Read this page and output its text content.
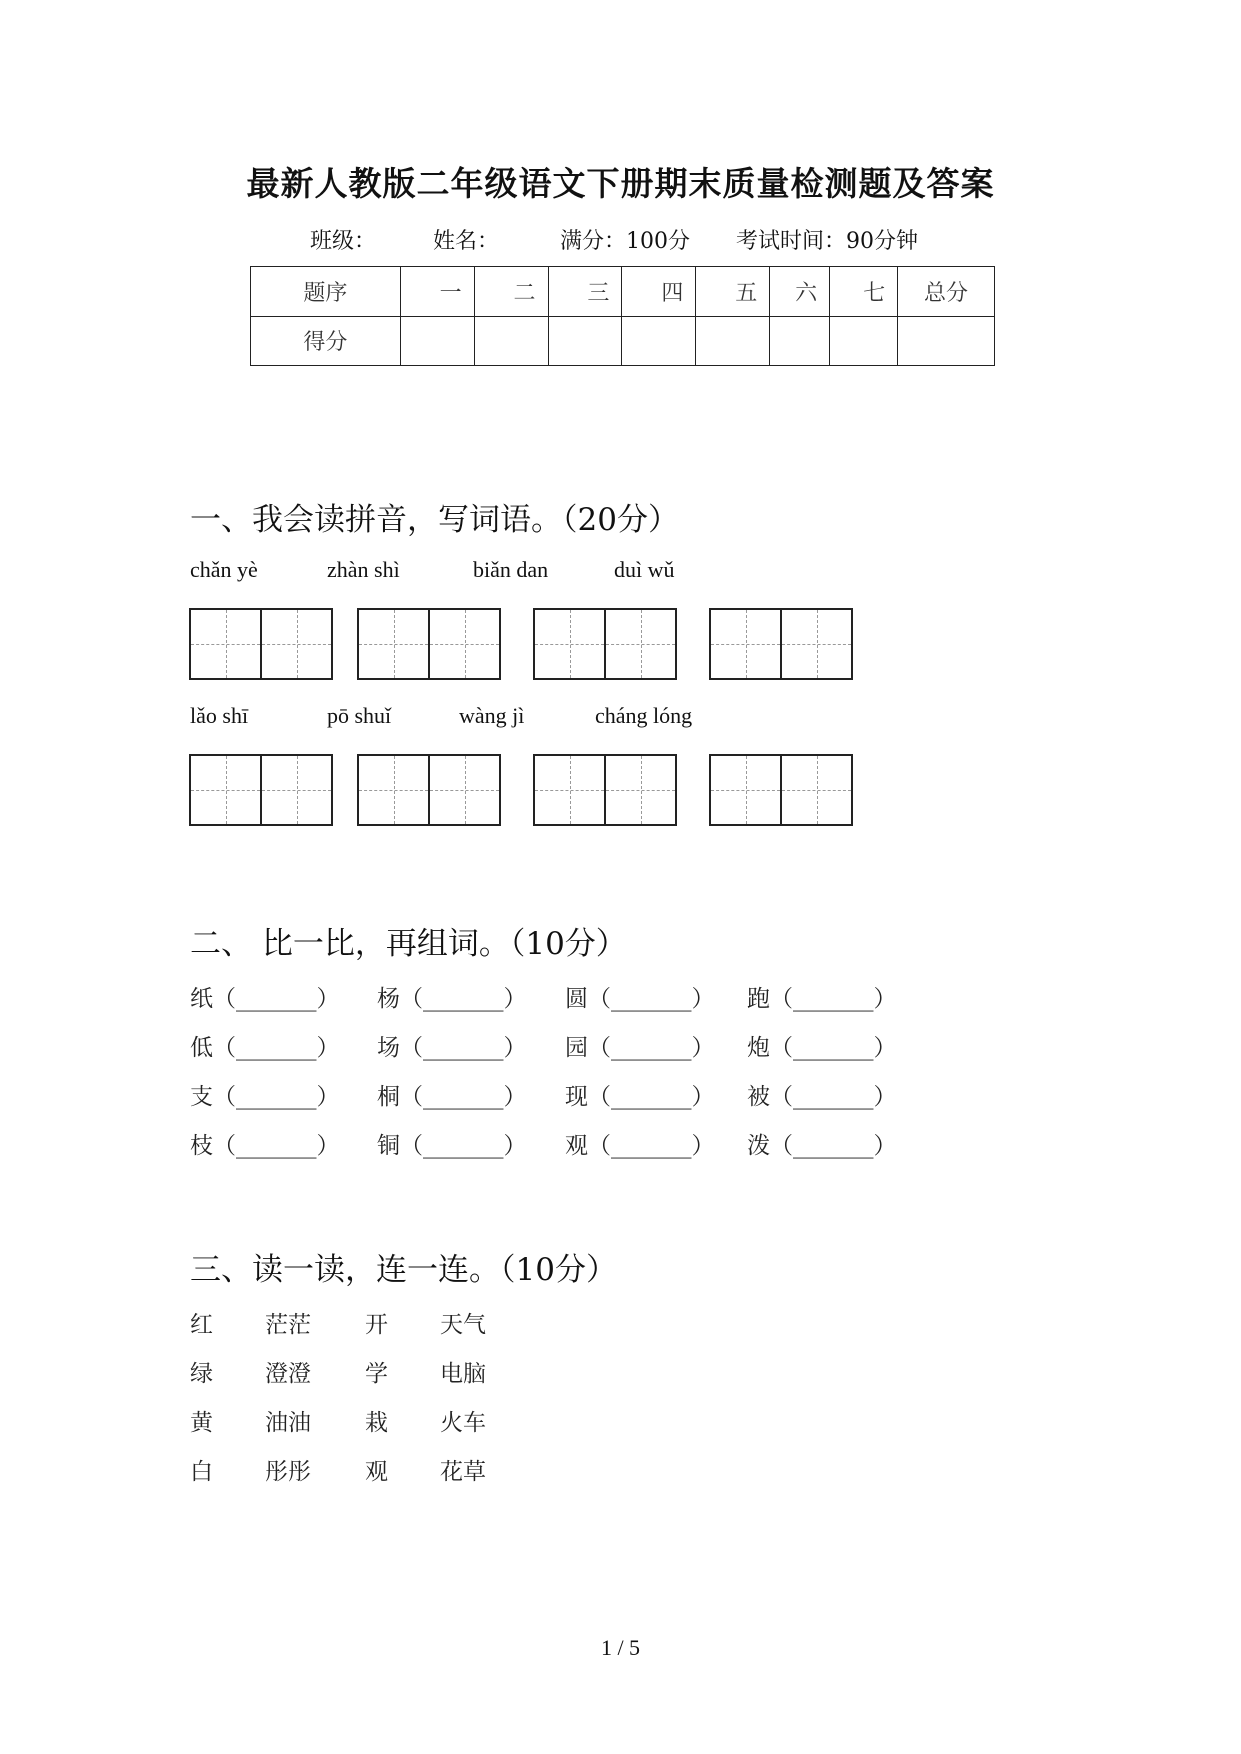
最新人教版二年级语文下册期末质量检测题及答案
班级：	姓名：	满分：100分 考试时间：90分钟
题序	一	二	三	四	五	六	七	总分
得分								
一、我会读拼音，写词语。（20分）
chǎn yè	zhàn shì	biǎn dan	duì wǔ
lǎo shī	pō shuǐ	wàng jì	cháng lóng
二、 比一比，再组词。（10分）
纸（_______） 杨（_______） 圆（_______） 跑（_______）
低（_______） 场（_______） 园（_______） 炮（_______）
支（_______） 桐（_______） 现（_______） 被（_______）
枝（_______） 铜（_______） 观（_______） 泼（_______）
三、读一读，连一连。（10分）
红 茫茫 开 天气
绿 澄澄 学 电脑
黄 油油 栽 火车
白 彤彤 观 花草
1 / 5
